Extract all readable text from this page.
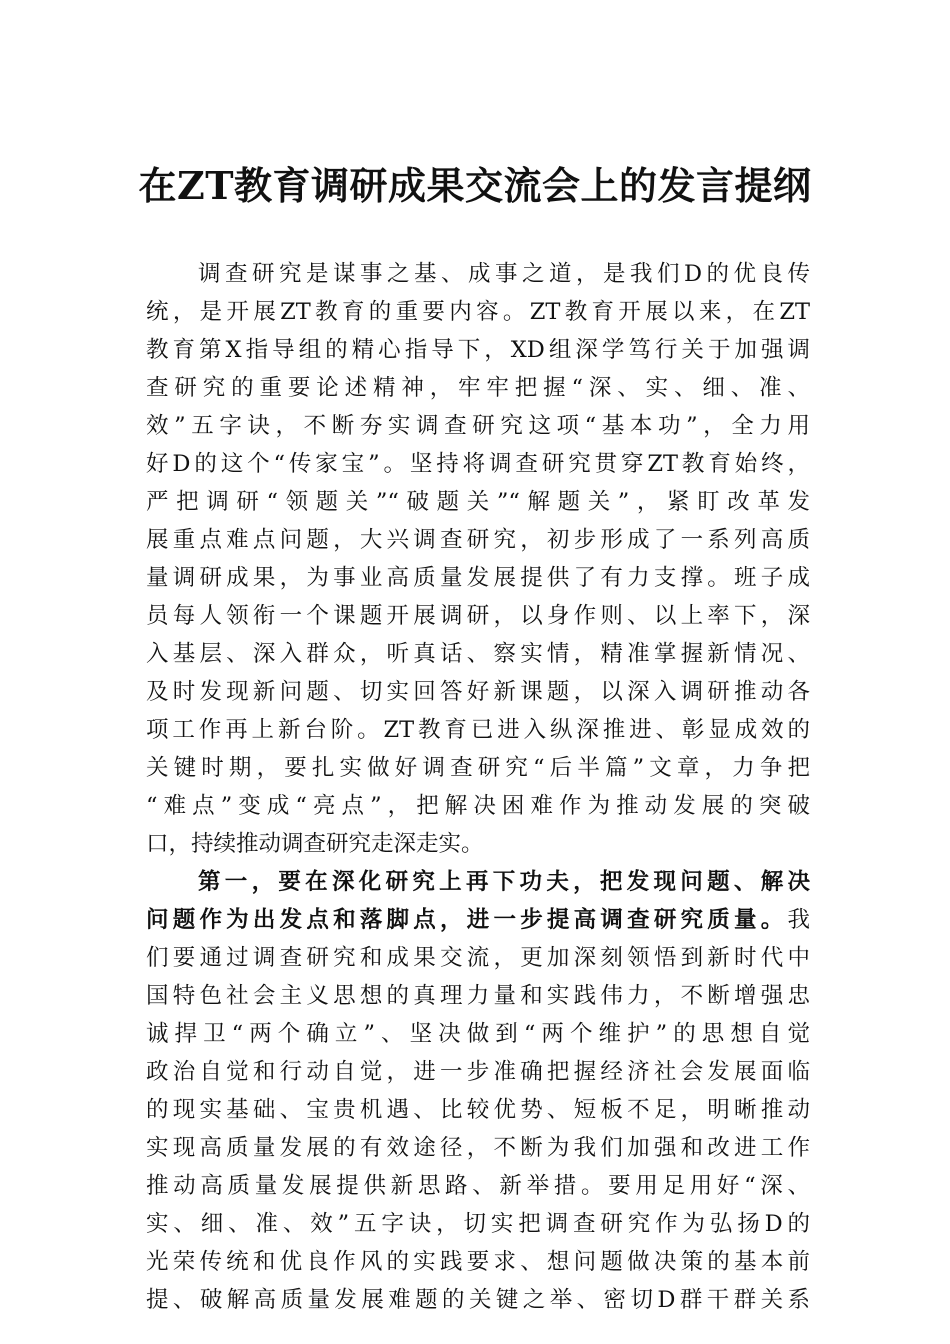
在ZT教育调研成果交流会上的发言提纲
调查研究是谋事之基、成事之道，是我们D的优良传
统，是开展ZT教育的重要内容。ZT教育开展以来，在ZT
教育第X指导组的精心指导下，XD组深学笃行关于加强调
查研究的重要论述精神，牢牢把握“深、实、细、准、
效”五字诀，不断夯实调查研究这项“基本功”，全力用
好D的这个“传家宝”。坚持将调查研究贯穿ZT教育始终，
严把调研“领题关”“破题关”“解题关”，紧盯改革发
展重点难点问题，大兴调查研究，初步形成了一系列高质
量调研成果，为事业高质量发展提供了有力支撑。班子成
员每人领衔一个课题开展调研，以身作则、以上率下，深
入基层、深入群众，听真话、察实情，精准掌握新情况、
及时发现新问题、切实回答好新课题，以深入调研推动各
项工作再上新台阶。ZT教育已进入纵深推进、彰显成效的
关键时期，要扎实做好调查研究“后半篇”文章，力争把
“难点”变成“亮点”，把解决困难作为推动发展的突破
口，持续推动调查研究走深走实。
第一，要在深化研究上再下功夫，把发现问题、解决
问题作为出发点和落脚点，进一步提高调查研究质量。我
们要通过调查研究和成果交流，更加深刻领悟到新时代中
国特色社会主义思想的真理力量和实践伟力，不断增强忠
诚捍卫“两个确立”、坚决做到“两个维护”的思想自觉
政治自觉和行动自觉，进一步准确把握经济社会发展面临
的现实基础、宝贵机遇、比较优势、短板不足，明晰推动
实现高质量发展的有效途径，不断为我们加强和改进工作
推动高质量发展提供新思路、新举措。要用足用好“深、
实、细、准、效”五字诀，切实把调查研究作为弘扬D的
光荣传统和优良作风的实践要求、想问题做决策的基本前
提、破解高质量发展难题的关键之举、密切D群干群关系
